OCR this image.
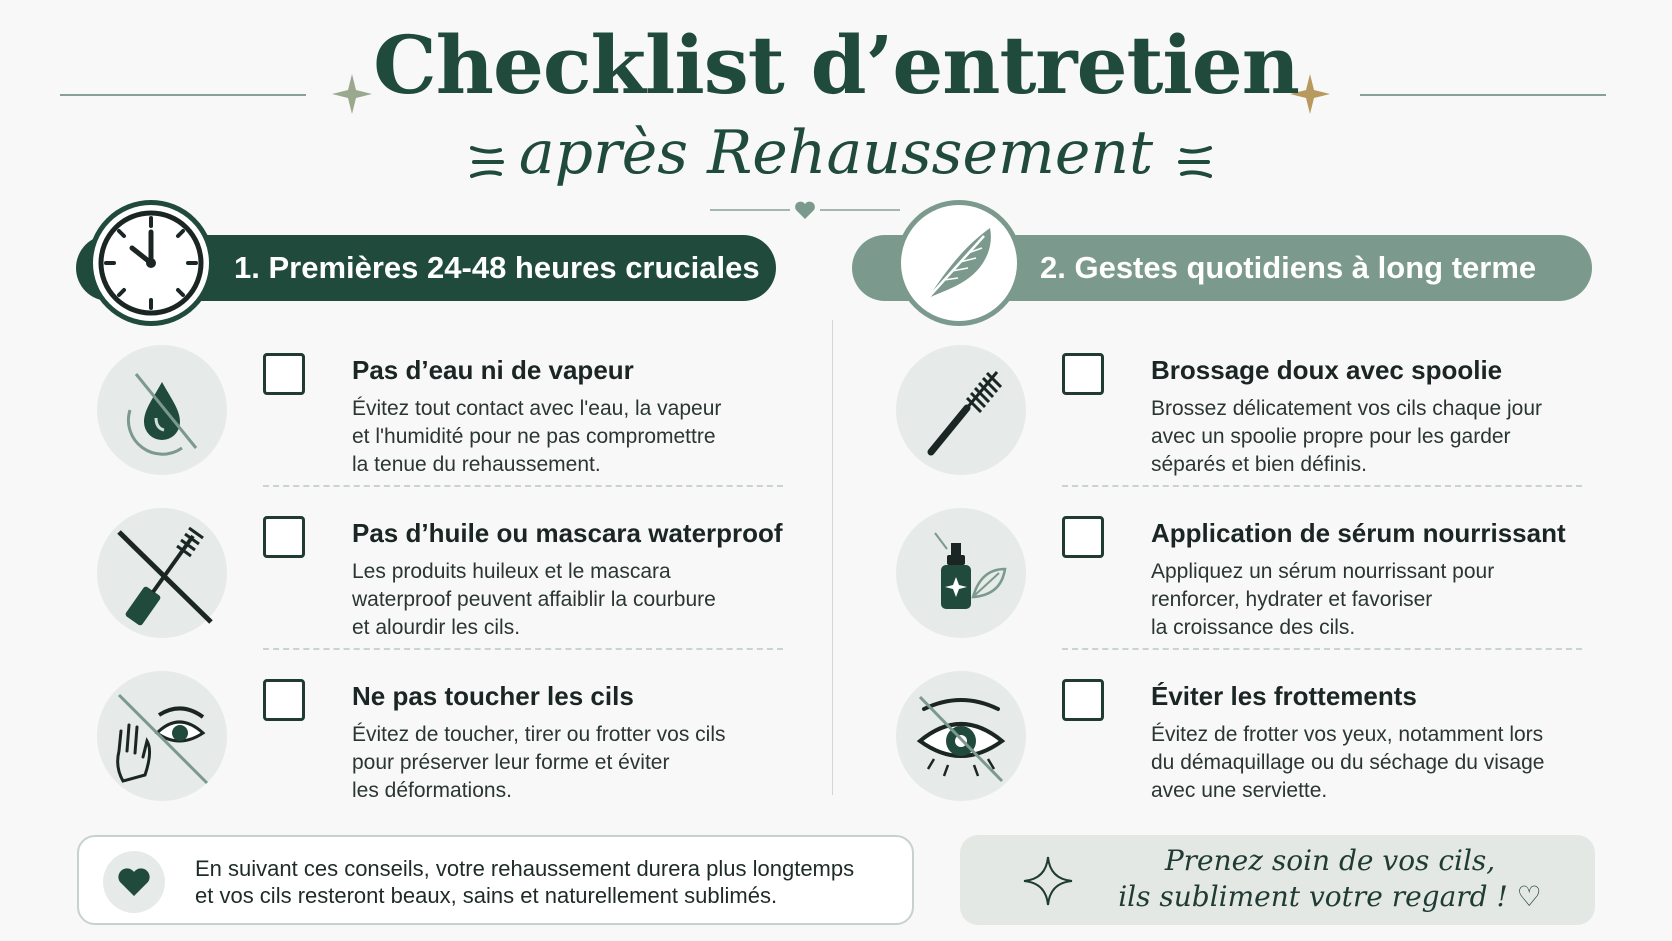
Checklist d’entretien
après Rehaussement
1. Premières 24-48 heures cruciales	2. Gestes quotidiens à long terme
Pas d’eau ni de vapeur
Évitez tout contact avec l'eau, la vapeur
et l'humidité pour ne pas compromettre
la tenue du rehaussement.
Pas d’huile ou mascara waterproof
Les produits huileux et le mascara
waterproof peuvent affaiblir la courbure
et alourdir les cils.
Ne pas toucher les cils
Évitez de toucher, tirer ou frotter vos cils
pour préserver leur forme et éviter
les déformations.
Brossage doux avec spoolie
Brossez délicatement vos cils chaque jour
avec un spoolie propre pour les garder
séparés et bien définis.
Application de sérum nourrissant
Appliquez un sérum nourrissant pour
renforcer, hydrater et favoriser
la croissance des cils.
Éviter les frottements
Évitez de frotter vos yeux, notamment lors
du démaquillage ou du séchage du visage
avec une serviette.
En suivant ces conseils, votre rehaussement durera plus longtemps
et vos cils resteront beaux, sains et naturellement sublimés.
Prenez soin de vos cils,
ils subliment votre regard ! ♡
